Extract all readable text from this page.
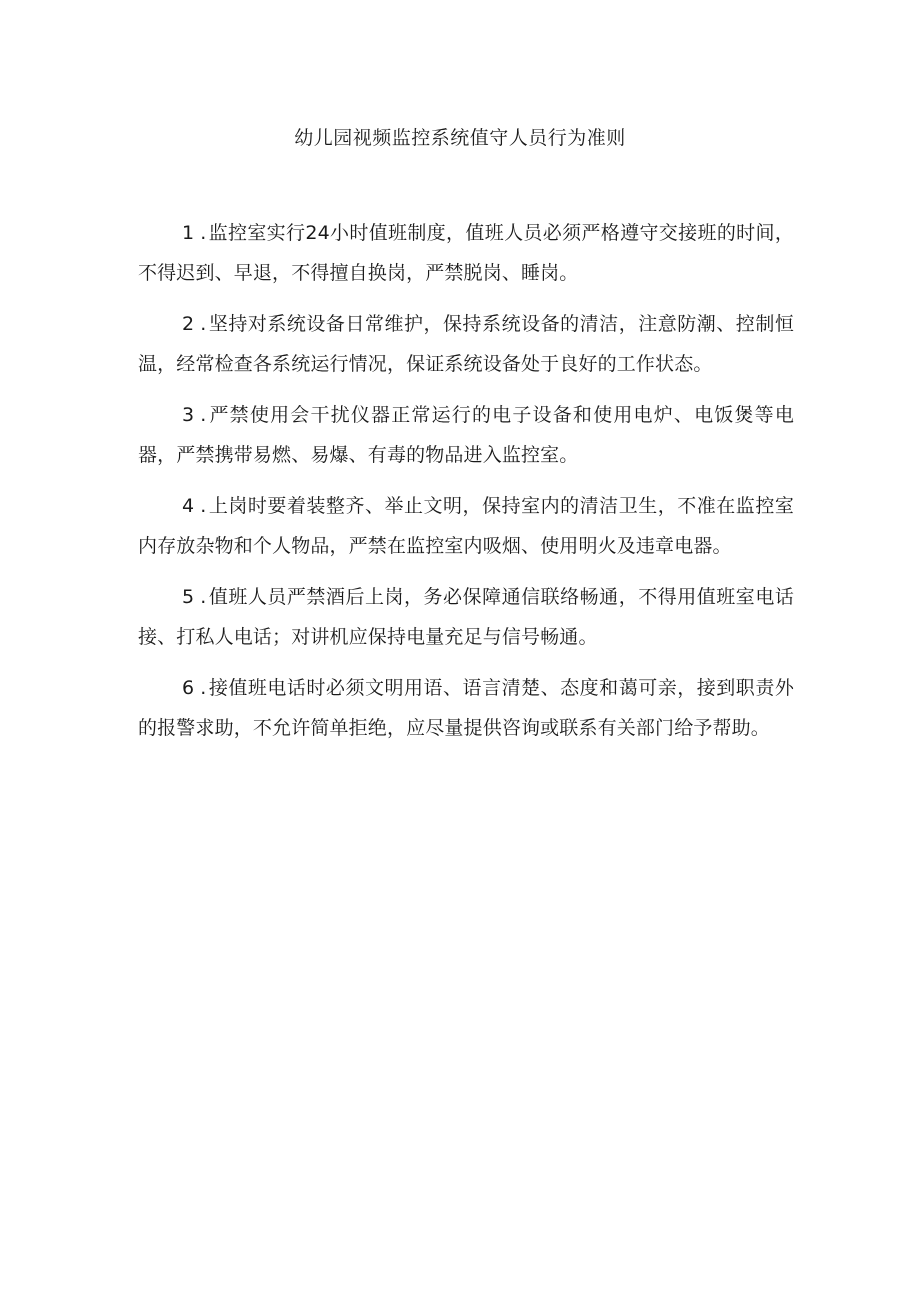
幼儿园视频监控系统值守人员行为准则
1 . 监控室实行24小时值班制度，值班人员必须严格遵守交接班的时间，不得迟到、早退，不得擅自换岗，严禁脱岗、睡岗。
2 . 坚持对系统设备日常维护，保持系统设备的清洁，注意防潮、控制恒温，经常检查各系统运行情况，保证系统设备处于良好的工作状态。
3 . 严禁使用会干扰仪器正常运行的电子设备和使用电炉、电饭煲等电器，严禁携带易燃、易爆、有毒的物品进入监控室。
4 . 上岗时要着装整齐、举止文明，保持室内的清洁卫生，不准在监控室内存放杂物和个人物品，严禁在监控室内吸烟、使用明火及违章电器。
5 . 值班人员严禁酒后上岗，务必保障通信联络畅通，不得用值班室电话接、打私人电话；对讲机应保持电量充足与信号畅通。
6 . 接值班电话时必须文明用语、语言清楚、态度和蔼可亲，接到职责外的报警求助，不允许简单拒绝，应尽量提供咨询或联系有关部门给予帮助。
